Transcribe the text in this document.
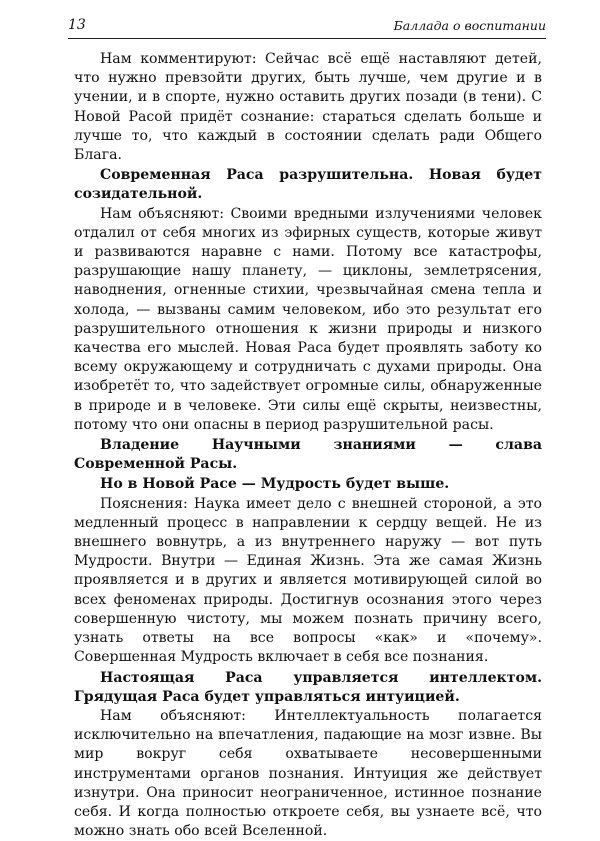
13	Баллада о воспитании

Нам комментируют: Сейчас всё ещё наставляют детей, что нужно превзойти других, быть лучше, чем другие и в учении, и в спорте, нужно оставить других позади (в тени). С Новой Расой придёт сознание: стараться сделать больше и лучше то, что каждый в состоянии сделать ради Общего Блага.

Современная Раса разрушительна. Новая будет созидательной.

Нам объясняют: Своими вредными излучениями человек отдалил от себя многих из эфирных существ, которые живут и развиваются наравне с нами. Потому все катастрофы, разрушающие нашу планету, — циклоны, землетрясения, наводнения, огненные стихии, чрезвычайная смена тепла и холода, — вызваны самим человеком, ибо это результат его разрушительного отношения к жизни природы и низкого качества его мыслей. Новая Раса будет проявлять заботу ко всему окружающему и сотрудничать с духами природы. Она изобретёт то, что задействует огромные силы, обнаруженные в природе и в человеке. Эти силы ещё скрыты, неизвестны, потому что они опасны в период разрушительной расы.

Владение Научными знаниями — слава Современной Расы.

Но в Новой Расе — Мудрость будет выше.

Пояснения: Наука имеет дело с внешней стороной, а это медленный процесс в направлении к сердцу вещей. Не из внешнего вовнутрь, а из внутреннего наружу — вот путь Мудрости. Внутри — Единая Жизнь. Эта же самая Жизнь проявляется и в других и является мотивирующей силой во всех феноменах природы. Достигнув осознания этого через совершенную чистоту, мы можем познать причину всего, узнать ответы на все вопросы «как» и «почему». Совершенная Мудрость включает в себя все познания.

Настоящая Раса управляется интеллектом. Грядущая Раса будет управляться интуицией.

Нам объясняют: Интеллектуальность полагается исключительно на впечатления, падающие на мозг извне. Вы мир вокруг себя охватываете несовершенными инструментами органов познания. Интуиция же действует изнутри. Она приносит неограниченное, истинное познание себя. И когда полностью откроете себя, вы узнаете всё, что можно знать обо всей Вселенной.
